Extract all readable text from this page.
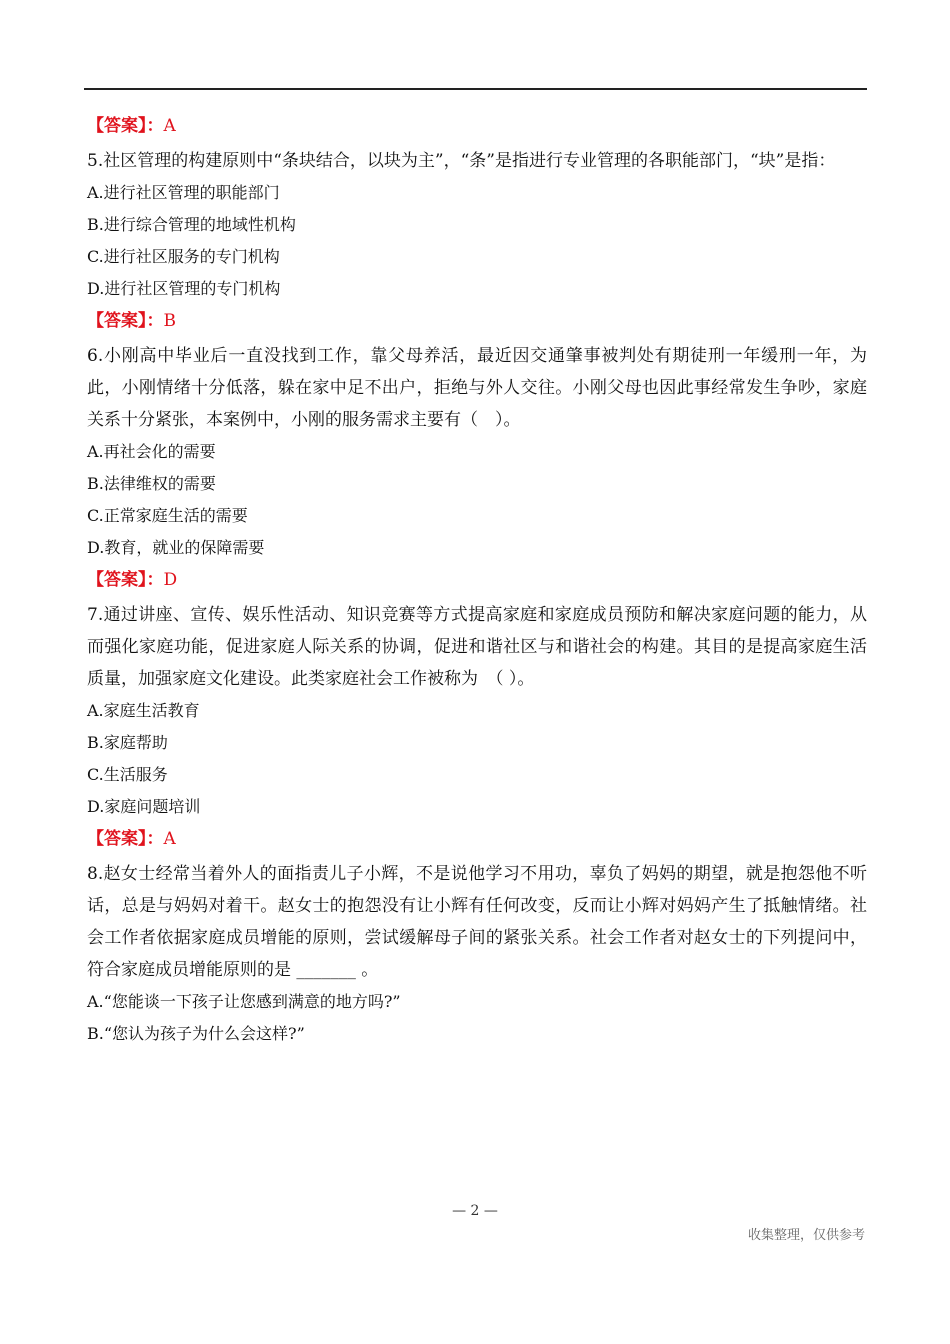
【答案】：A

5.社区管理的构建原则中“条块结合，以块为主”，“条”是指进行专业管理的各职能部门，“块”是指：

A.进行社区管理的职能部门

B.进行综合管理的地域性机构

C.进行社区服务的专门机构

D.进行社区管理的专门机构

【答案】：B

6.小刚高中毕业后一直没找到工作，靠父母养活，最近因交通肇事被判处有期徒刑一年缓刑一年，为此，小刚情绪十分低落，躲在家中足不出户，拒绝与外人交往。小刚父母也因此事经常发生争吵，家庭关系十分紧张，本案例中，小刚的服务需求主要有（　）。

A.再社会化的需要

B.法律维权的需要

C.正常家庭生活的需要

D.教育，就业的保障需要

【答案】：D

7.通过讲座、宣传、娱乐性活动、知识竞赛等方式提高家庭和家庭成员预防和解决家庭问题的能力，从而强化家庭功能，促进家庭人际关系的协调，促进和谐社区与和谐社会的构建。其目的是提高家庭生活质量，加强家庭文化建设。此类家庭社会工作被称为　（ ）。

A.家庭生活教育

B.家庭帮助

C.生活服务

D.家庭问题培训

【答案】：A

8.赵女士经常当着外人的面指责儿子小辉，不是说他学习不用功，辜负了妈妈的期望，就是抱怨他不听话，总是与妈妈对着干。赵女士的抱怨没有让小辉有任何改变，反而让小辉对妈妈产生了抵触情绪。社会工作者依据家庭成员增能的原则，尝试缓解母子间的紧张关系。社会工作者对赵女士的下列提问中，符合家庭成员增能原则的是 _______ 。

A.“您能谈一下孩子让您感到满意的地方吗?”

B.“您认为孩子为什么会这样?”

— 2 —
收集整理，仅供参考
